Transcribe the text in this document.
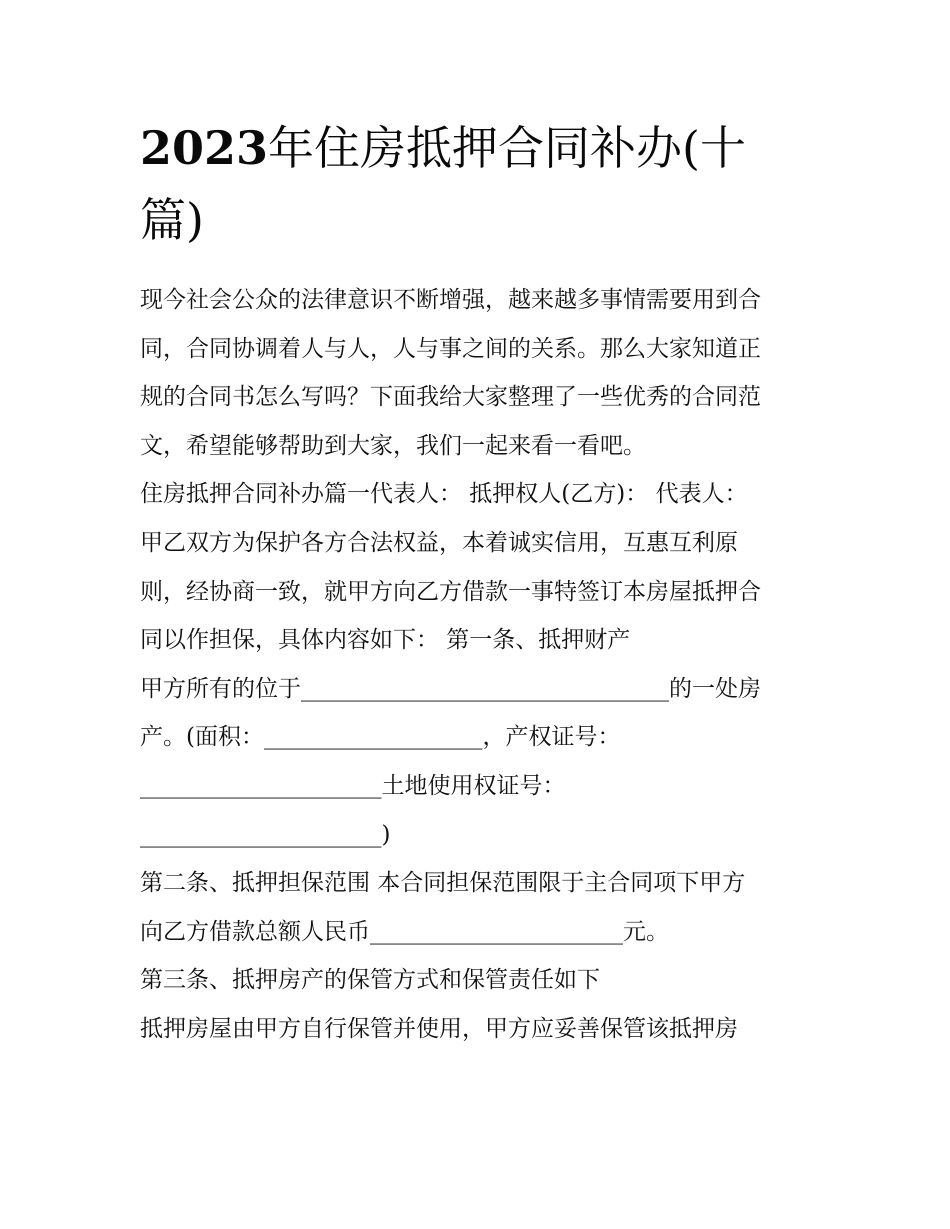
2023年住房抵押合同补办(十
篇)
现今社会公众的法律意识不断增强，越来越多事情需要用到合
同，合同协调着人与人，人与事之间的关系。那么大家知道正
规的合同书怎么写吗？下面我给大家整理了一些优秀的合同范
文，希望能够帮助到大家，我们一起来看一看吧。
住房抵押合同补办篇一代表人： 抵押权人(乙方)： 代表人：
甲乙双方为保护各方合法权益，本着诚实信用，互惠互利原
则，经协商一致，就甲方向乙方借款一事特签订本房屋抵押合
同以作担保，具体内容如下： 第一条、抵押财产
甲方所有的位于________________________________的一处房
产。(面积：___________________，产权证号：
_____________________土地使用权证号：
_____________________)
第二条、抵押担保范围 本合同担保范围限于主合同项下甲方
向乙方借款总额人民币______________________元。
第三条、抵押房产的保管方式和保管责任如下
抵押房屋由甲方自行保管并使用，甲方应妥善保管该抵押房
